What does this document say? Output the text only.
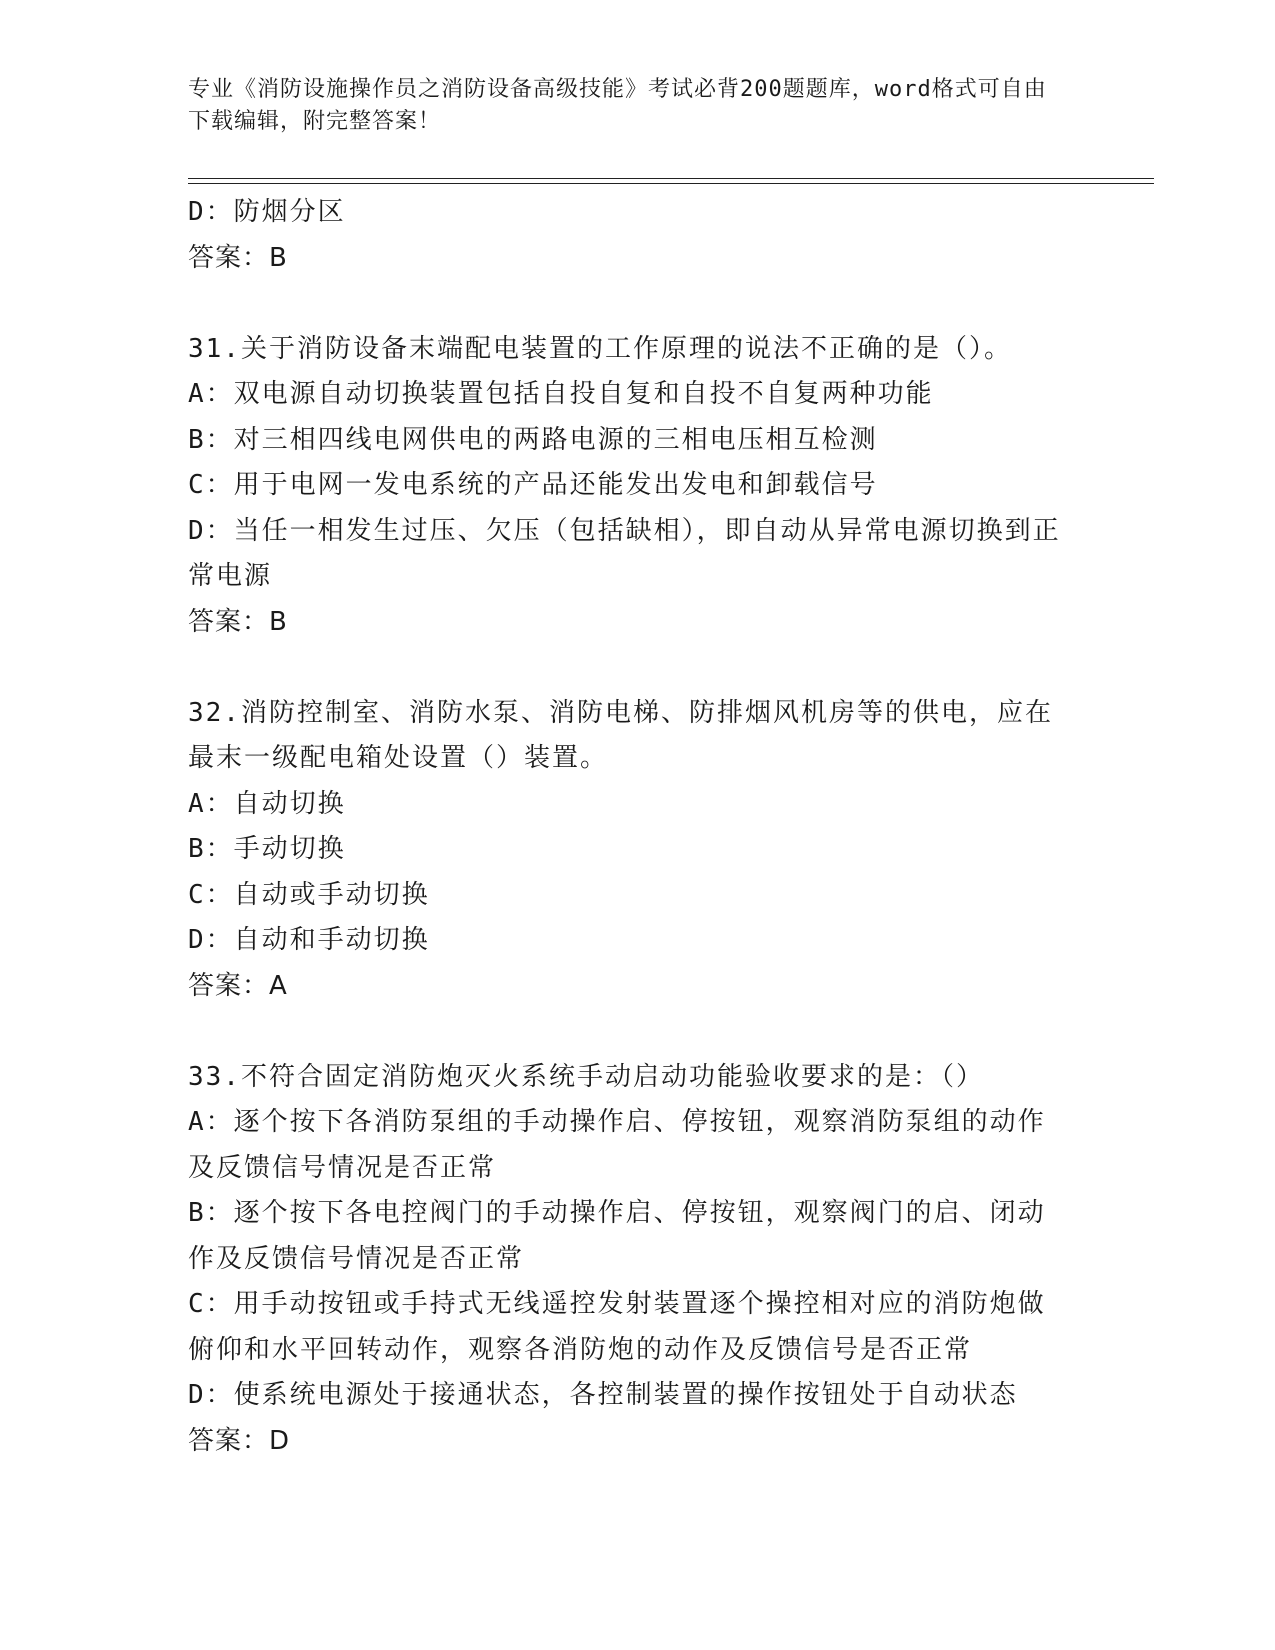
专业《消防设施操作员之消防设备高级技能》考试必背200题题库，word格式可自由下载编辑，附完整答案！
D：防烟分区
答案：B
31.关于消防设备末端配电装置的工作原理的说法不正确的是（）。
A：双电源自动切换装置包括自投自复和自投不自复两种功能
B：对三相四线电网供电的两路电源的三相电压相互检测
C：用于电网一发电系统的产品还能发出发电和卸载信号
D：当任一相发生过压、欠压（包括缺相），即自动从异常电源切换到正常电源
答案：B
32.消防控制室、消防水泵、消防电梯、防排烟风机房等的供电，应在最末一级配电箱处设置（）装置。
A：自动切换
B：手动切换
C：自动或手动切换
D：自动和手动切换
答案：A
33.不符合固定消防炮灭火系统手动启动功能验收要求的是：（）
A：逐个按下各消防泵组的手动操作启、停按钮，观察消防泵组的动作及反馈信号情况是否正常
B：逐个按下各电控阀门的手动操作启、停按钮，观察阀门的启、闭动作及反馈信号情况是否正常
C：用手动按钮或手持式无线遥控发射装置逐个操控相对应的消防炮做俯仰和水平回转动作，观察各消防炮的动作及反馈信号是否正常
D：使系统电源处于接通状态，各控制装置的操作按钮处于自动状态
答案：D
